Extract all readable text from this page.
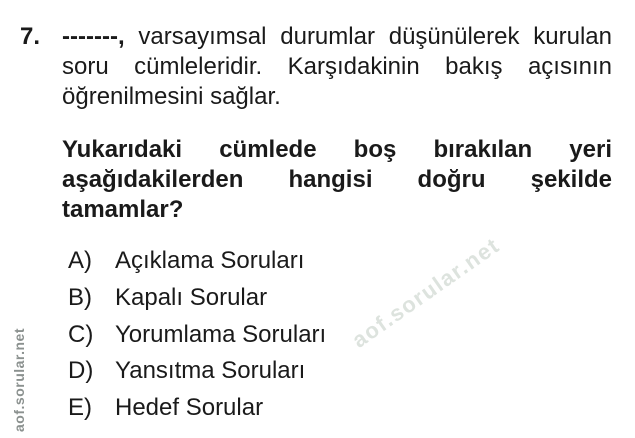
7. -------, varsayımsal durumlar düşünülerek kurulan
soru cümleleridir. Karşıdakinin bakış açısının
öğrenilmesini sağlar.
Yukarıdaki cümlede boş bırakılan yeri
aşağıdakilerden hangisi doğru şekilde
tamamlar?
A) Açıklama Soruları
B) Kapalı Sorular
C) Yorumlama Soruları
D) Yansıtma Soruları
E) Hedef Sorular
aof.sorular.net
aof.sorular.net
